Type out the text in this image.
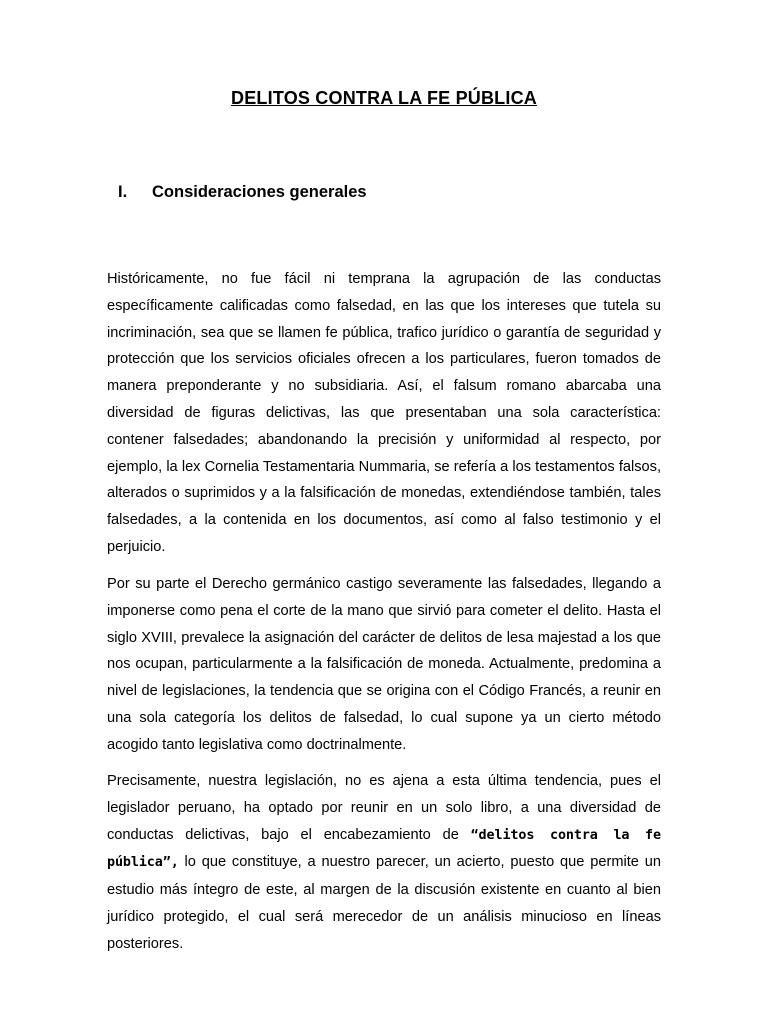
DELITOS CONTRA LA FE PÚBLICA
I. Consideraciones generales

Históricamente, no fue fácil ni temprana la agrupación de las conductas específicamente calificadas como falsedad, en las que los intereses que tutela su incriminación, sea que se llamen fe pública, trafico jurídico o garantía de seguridad y protección que los servicios oficiales ofrecen a los particulares, fueron tomados de manera preponderante y no subsidiaria. Así, el falsum romano abarcaba una diversidad de figuras delictivas, las que presentaban una sola característica: contener falsedades; abandonando la precisión y uniformidad al respecto, por ejemplo, la lex Cornelia Testamentaria Nummaria, se refería a los testamentos falsos, alterados o suprimidos y a la falsificación de monedas, extendiéndose también, tales falsedades, a la contenida en los documentos, así como al falso testimonio y el perjuicio.

Por su parte el Derecho germánico castigo severamente las falsedades, llegando a imponerse como pena el corte de la mano que sirvió para cometer el delito. Hasta el siglo XVIII, prevalece la asignación del carácter de delitos de lesa majestad a los que nos ocupan, particularmente a la falsificación de moneda. Actualmente, predomina a nivel de legislaciones, la tendencia que se origina con el Código Francés, a reunir en una sola categoría los delitos de falsedad, lo cual supone ya un cierto método acogido tanto legislativa como doctrinalmente.

Precisamente, nuestra legislación, no es ajena a esta última tendencia, pues el legislador peruano, ha optado por reunir en un solo libro, a una diversidad de conductas delictivas, bajo el encabezamiento de “delitos contra la fe pública”, lo que constituye, a nuestro parecer, un acierto, puesto que permite un estudio más íntegro de este, al margen de la discusión existente en cuanto al bien jurídico protegido, el cual será merecedor de un análisis minucioso en líneas posteriores.
